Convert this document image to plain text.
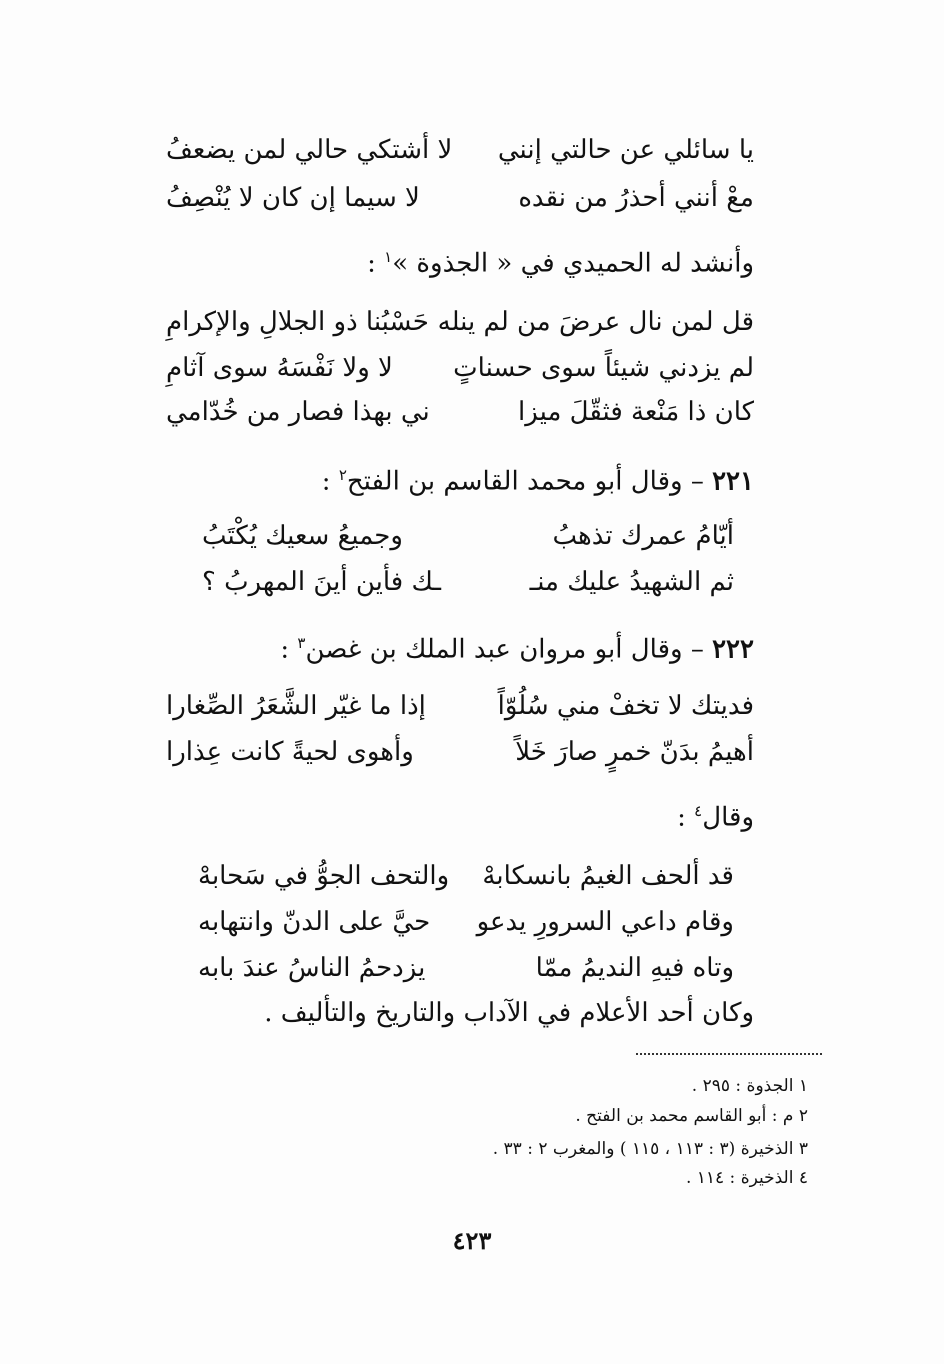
يا سائلي عن حالتي إنني
لا أشتكي حالي لمن يضعفُ
معْ أنني أحذرُ من نقده
لا سيما إن كان لا يُنْصِفُ
وأنشد له الحميدي في « الجذوة »$^١$ :
قل لمن نال عرضَ من لم ينله
حَسْبُنا ذو الجلالِ والإكرامِ
لم يزدني شيئاً سوى حسناتٍ
لا ولا نَفْسَهُ سوى آثامِ
كان ذا مَنْعة فثقّلَ ميزا
ني بهذا فصار من خُدّامي
٢٢١ – وقال أبو محمد القاسم بن الفتح$^٢$ :
أيّامُ عمرك تذهبُ
وجميعُ سعيك يُكْتَبُ
ثم الشهيدُ عليك منـ
ـك فأين أينَ المهربُ ؟
٢٢٢ – وقال أبو مروان عبد الملك بن غصن$^٣$ :
فديتك لا تخفْ مني سُلُوّاً
إذا ما غيّر الشَّعَرُ الصِّغارا
أهيمُ بدَنّ خمرٍ صارَ خَلاً
وأهوى لحيةً كانت عِذارا
وقال$^٤$ :
قد ألحف الغيمُ بانسكابهْ
والتحف الجوُّ في سَحابهْ
وقام داعي السرورِ يدعو
حيَّ على الدنّ وانتهابه
وتاه فيهِ النديمُ ممّا
يزدحمُ الناسُ عندَ بابه
وكان أحد الأعلام في الآداب والتاريخ والتأليف .
١ الجذوة : ٢٩٥ .
٢ م : أبو القاسم محمد بن الفتح .
٣ الذخيرة (٣ : ١١٣ ، ١١٥ ) والمغرب ٢ : ٣٣ .
٤ الذخيرة : ١١٤ .
٤٢٣
